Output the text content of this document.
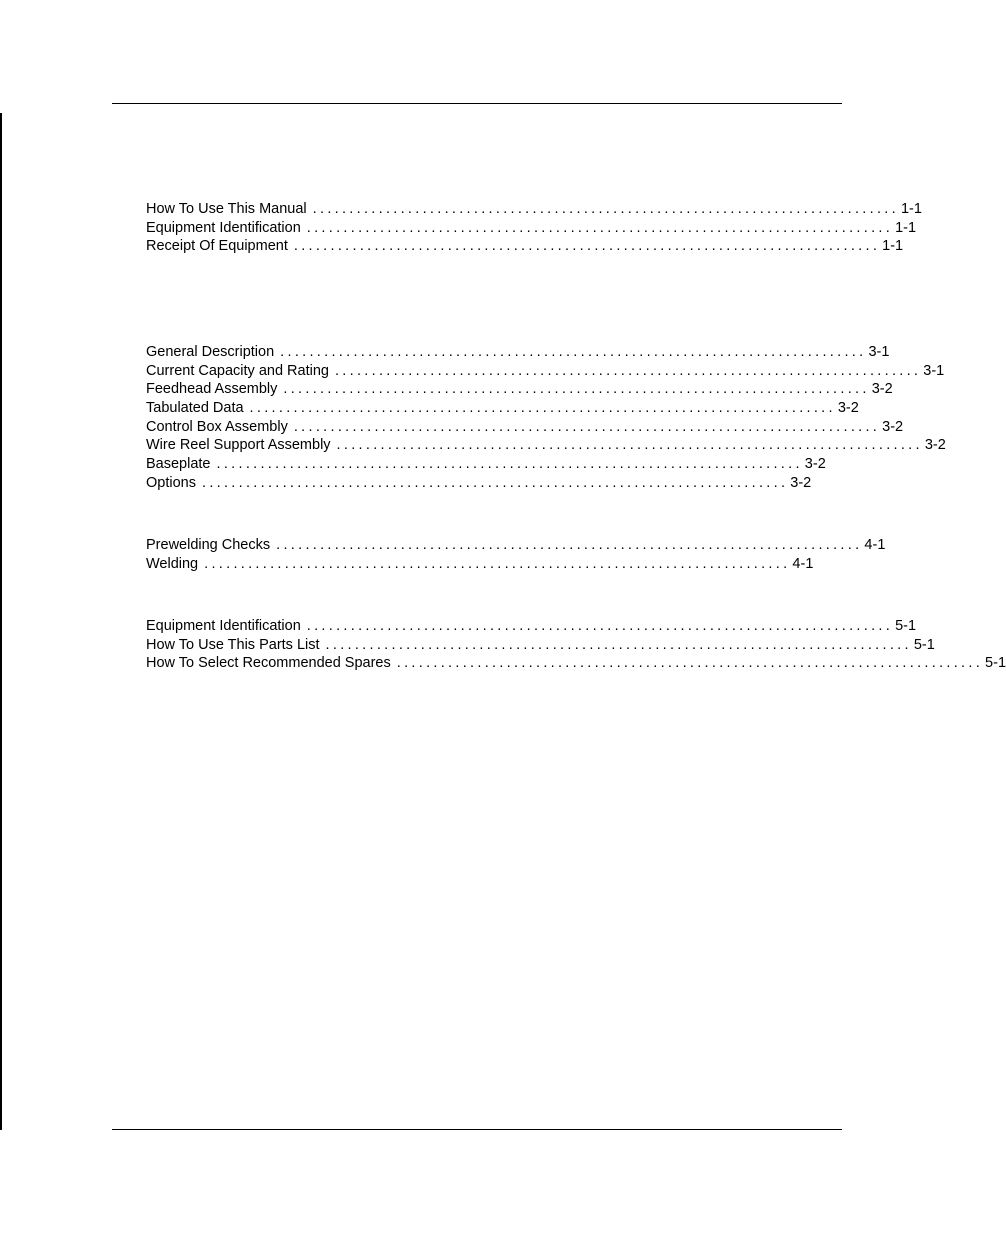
How To Use This Manual ................................................................................ 1-1
Equipment Identification ................................................................................ 1-1
Receipt Of Equipment ................................................................................ 1-1
General Description ................................................................................ 3-1
Current Capacity and Rating ................................................................................ 3-1
Feedhead Assembly ................................................................................ 3-2
Tabulated Data ................................................................................ 3-2
Control Box Assembly ................................................................................ 3-2
Wire Reel Support Assembly ................................................................................ 3-2
Baseplate ................................................................................ 3-2
Options ................................................................................ 3-2
Prewelding Checks ................................................................................ 4-1
Welding ................................................................................ 4-1
Equipment Identification ................................................................................ 5-1
How To Use This Parts List ................................................................................ 5-1
How To Select Recommended Spares ................................................................................ 5-1
